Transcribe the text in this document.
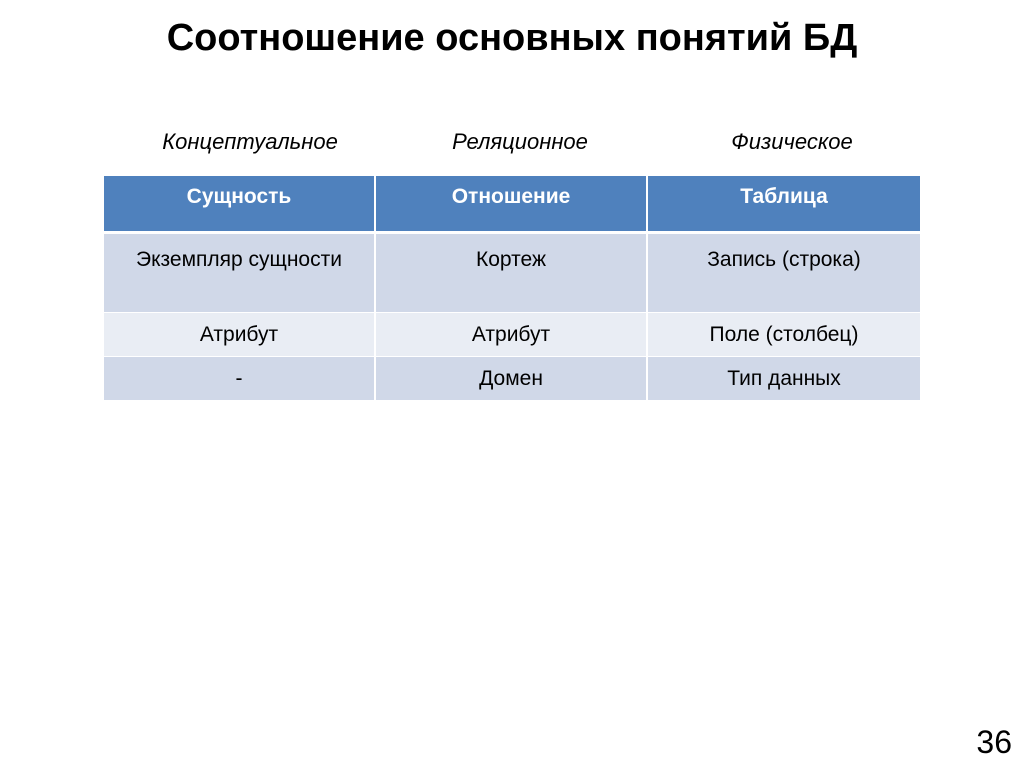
Соотношение основных понятий БД
Концептуальное	Реляционное	Физическое
Сущность	Отношение	Таблица
Экземпляр сущности	Кортеж	Запись (строка)
Атрибут	Атрибут	Поле (столбец)
-	Домен	Тип данных
36
